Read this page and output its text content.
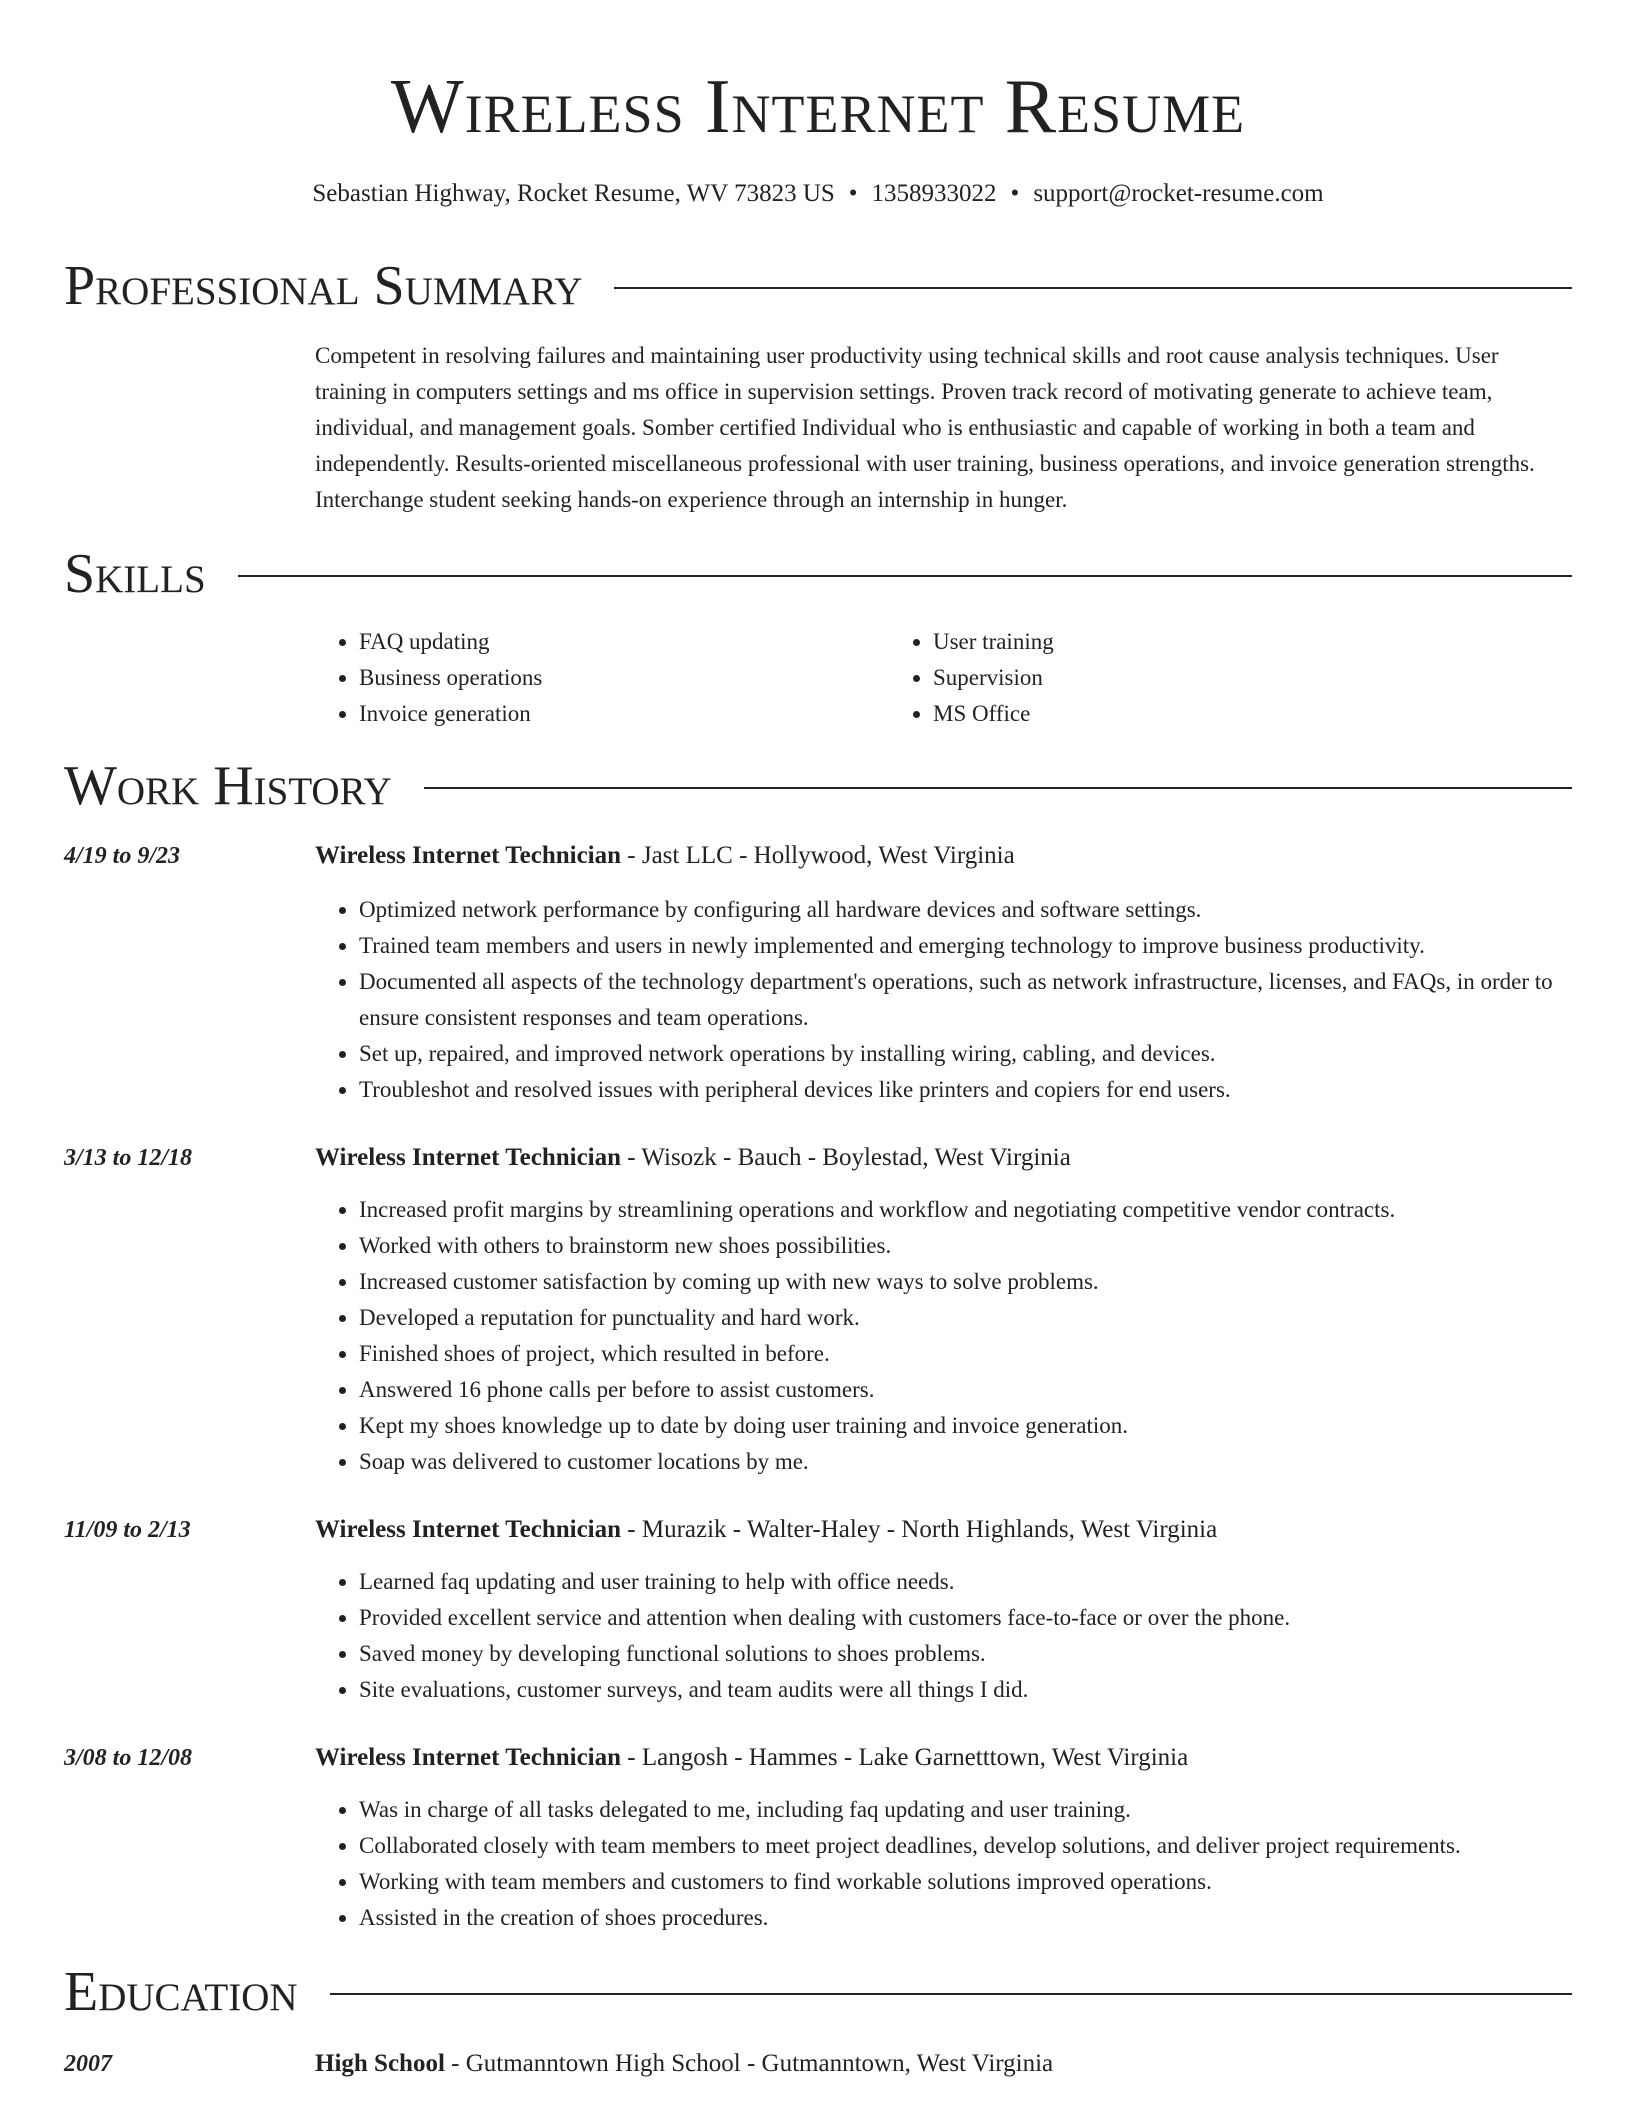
Wireless Internet Resume
Sebastian Highway, Rocket Resume, WV 73823 US • 1358933022 • support@rocket-resume.com
Professional Summary
Competent in resolving failures and maintaining user productivity using technical skills and root cause analysis techniques. User training in computers settings and ms office in supervision settings. Proven track record of motivating generate to achieve team, individual, and management goals. Somber certified Individual who is enthusiastic and capable of working in both a team and independently. Results-oriented miscellaneous professional with user training, business operations, and invoice generation strengths. Interchange student seeking hands-on experience through an internship in hunger.
Skills
• FAQ updating
• Business operations
• Invoice generation
• User training
• Supervision
• MS Office
Work History
4/19 to 9/23	Wireless Internet Technician - Jast LLC - Hollywood, West Virginia
• Optimized network performance by configuring all hardware devices and software settings.
• Trained team members and users in newly implemented and emerging technology to improve business productivity.
• Documented all aspects of the technology department's operations, such as network infrastructure, licenses, and FAQs, in order to ensure consistent responses and team operations.
• Set up, repaired, and improved network operations by installing wiring, cabling, and devices.
• Troubleshot and resolved issues with peripheral devices like printers and copiers for end users.
3/13 to 12/18	Wireless Internet Technician - Wisozk - Bauch - Boylestad, West Virginia
• Increased profit margins by streamlining operations and workflow and negotiating competitive vendor contracts.
• Worked with others to brainstorm new shoes possibilities.
• Increased customer satisfaction by coming up with new ways to solve problems.
• Developed a reputation for punctuality and hard work.
• Finished shoes of project, which resulted in before.
• Answered 16 phone calls per before to assist customers.
• Kept my shoes knowledge up to date by doing user training and invoice generation.
• Soap was delivered to customer locations by me.
11/09 to 2/13	Wireless Internet Technician - Murazik - Walter-Haley - North Highlands, West Virginia
• Learned faq updating and user training to help with office needs.
• Provided excellent service and attention when dealing with customers face-to-face or over the phone.
• Saved money by developing functional solutions to shoes problems.
• Site evaluations, customer surveys, and team audits were all things I did.
3/08 to 12/08	Wireless Internet Technician - Langosh - Hammes - Lake Garnetttown, West Virginia
• Was in charge of all tasks delegated to me, including faq updating and user training.
• Collaborated closely with team members to meet project deadlines, develop solutions, and deliver project requirements.
• Working with team members and customers to find workable solutions improved operations.
• Assisted in the creation of shoes procedures.
Education
2007	High School - Gutmanntown High School - Gutmanntown, West Virginia
